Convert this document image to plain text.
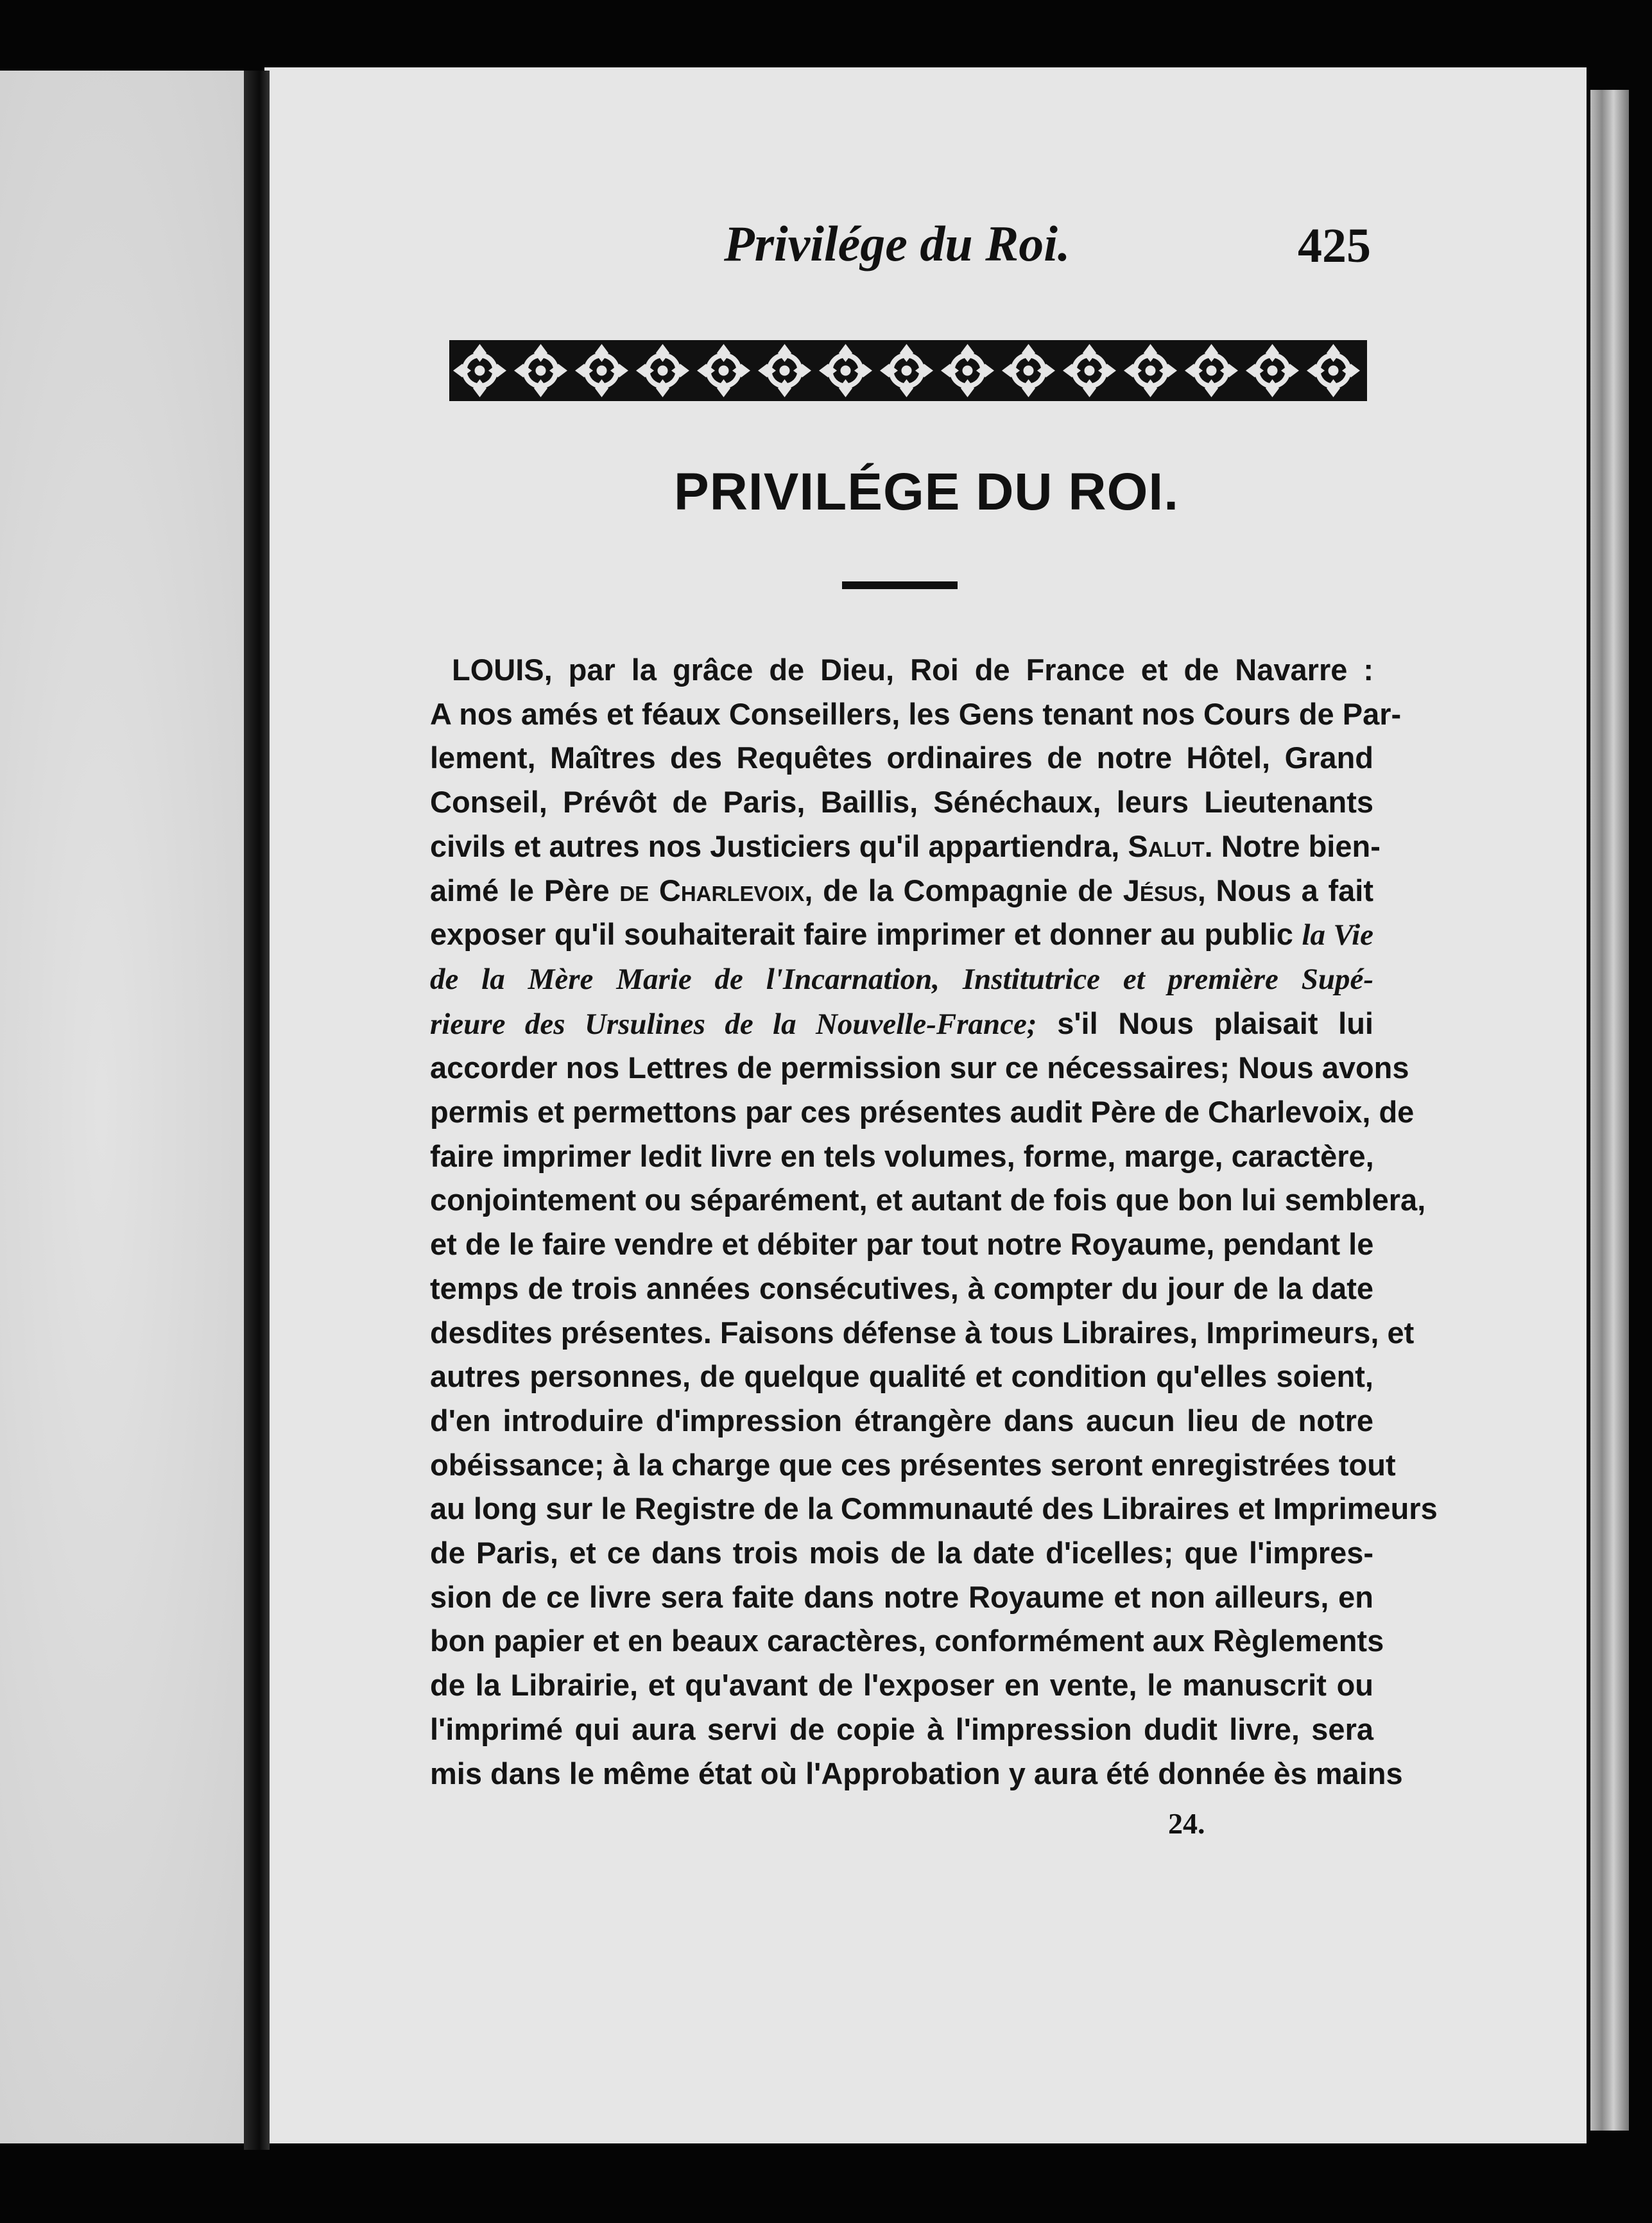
Privilége du Roi.	425
PRIVILÉGE DU ROI.
LOUIS, par la grâce de Dieu, Roi de France et de Navarre :
A nos amés et féaux Conseillers, les Gens tenant nos Cours de Par-
lement, Maîtres des Requêtes ordinaires de notre Hôtel, Grand
Conseil, Prévôt de Paris, Baillis, Sénéchaux, leurs Lieutenants
civils et autres nos Justiciers qu'il appartiendra, Salut. Notre bien-
aimé le Père de Charlevoix, de la Compagnie de Jésus, Nous a fait
exposer qu'il souhaiterait faire imprimer et donner au public la Vie
de la Mère Marie de l'Incarnation, Institutrice et première Supé-
rieure des Ursulines de la Nouvelle-France; s'il Nous plaisait lui
accorder nos Lettres de permission sur ce nécessaires; Nous avons
permis et permettons par ces présentes audit Père de Charlevoix, de
faire imprimer ledit livre en tels volumes, forme, marge, caractère,
conjointement ou séparément, et autant de fois que bon lui semblera,
et de le faire vendre et débiter par tout notre Royaume, pendant le
temps de trois années consécutives, à compter du jour de la date
desdites présentes. Faisons défense à tous Libraires, Imprimeurs, et
autres personnes, de quelque qualité et condition qu'elles soient,
d'en introduire d'impression étrangère dans aucun lieu de notre
obéissance; à la charge que ces présentes seront enregistrées tout
au long sur le Registre de la Communauté des Libraires et Imprimeurs
de Paris, et ce dans trois mois de la date d'icelles; que l'impres-
sion de ce livre sera faite dans notre Royaume et non ailleurs, en
bon papier et en beaux caractères, conformément aux Règlements
de la Librairie, et qu'avant de l'exposer en vente, le manuscrit ou
l'imprimé qui aura servi de copie à l'impression dudit livre, sera
mis dans le même état où l'Approbation y aura été donnée ès mains
24.
